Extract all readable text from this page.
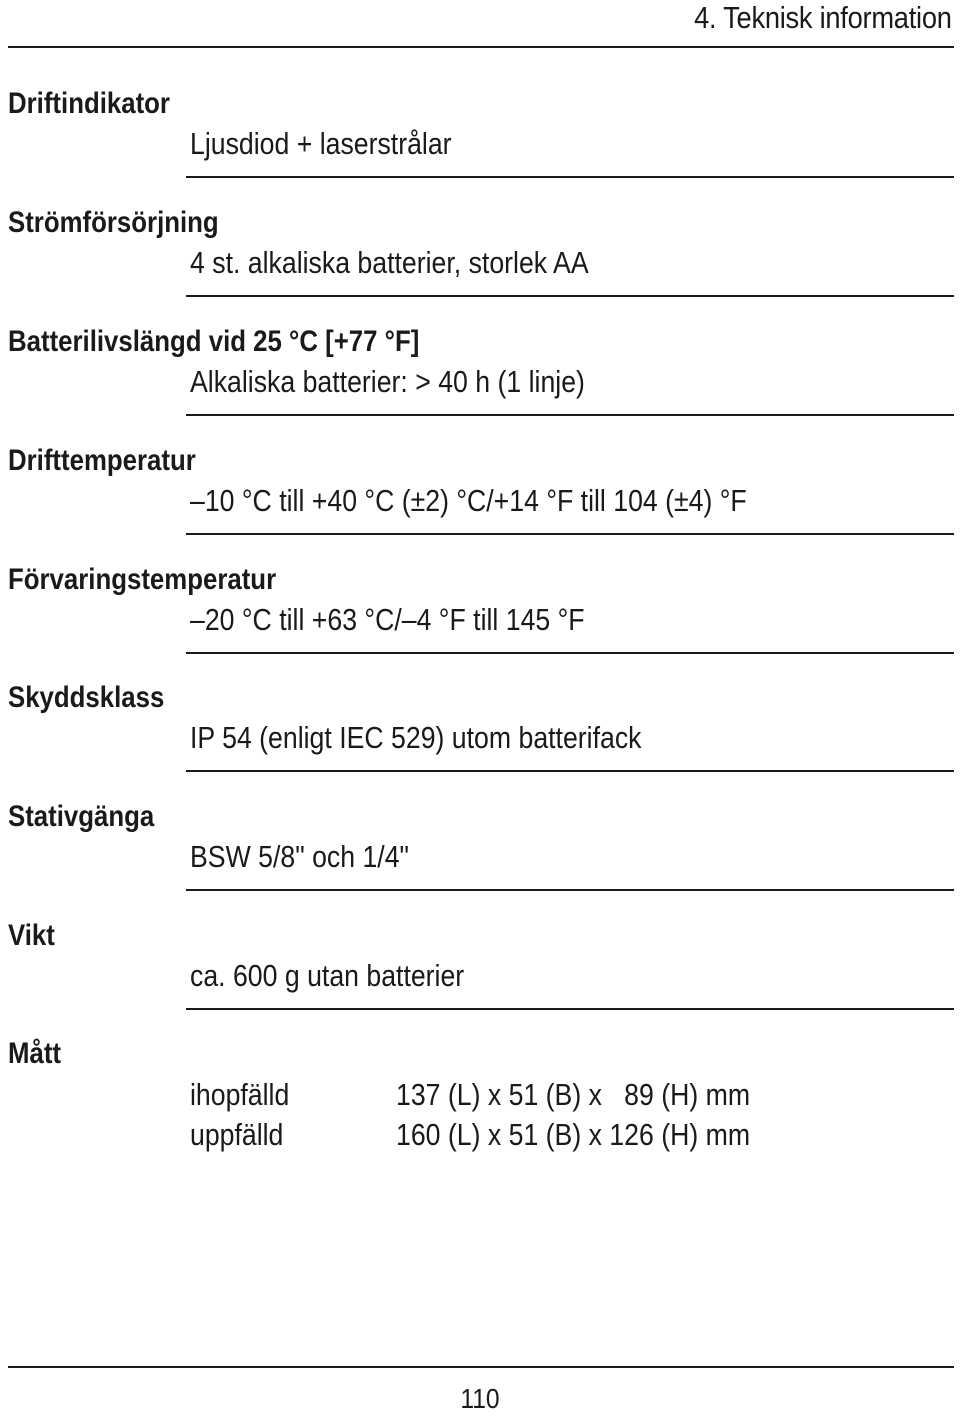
4. Teknisk information
Driftindikator
Ljusdiod + laserstrålar
Strömförsörjning
4 st. alkaliska batterier, storlek AA
Batterilivslängd vid 25 °C [+77 °F]
Alkaliska batterier: > 40 h (1 linje)
Drifttemperatur
–10 °C till +40 °C (±2) °C/+14 °F till 104 (±4) °F
Förvaringstemperatur
–20 °C till +63 °C/–4 °F till 145 °F
Skyddsklass
IP 54 (enligt IEC 529) utom batterifack
Stativgänga
BSW 5/8" och 1/4"
Vikt
ca. 600 g utan batterier
Mått
ihopfälld	137 (L) x 51 (B) x   89 (H) mm
uppfälld	160 (L) x 51 (B) x 126 (H) mm
110
